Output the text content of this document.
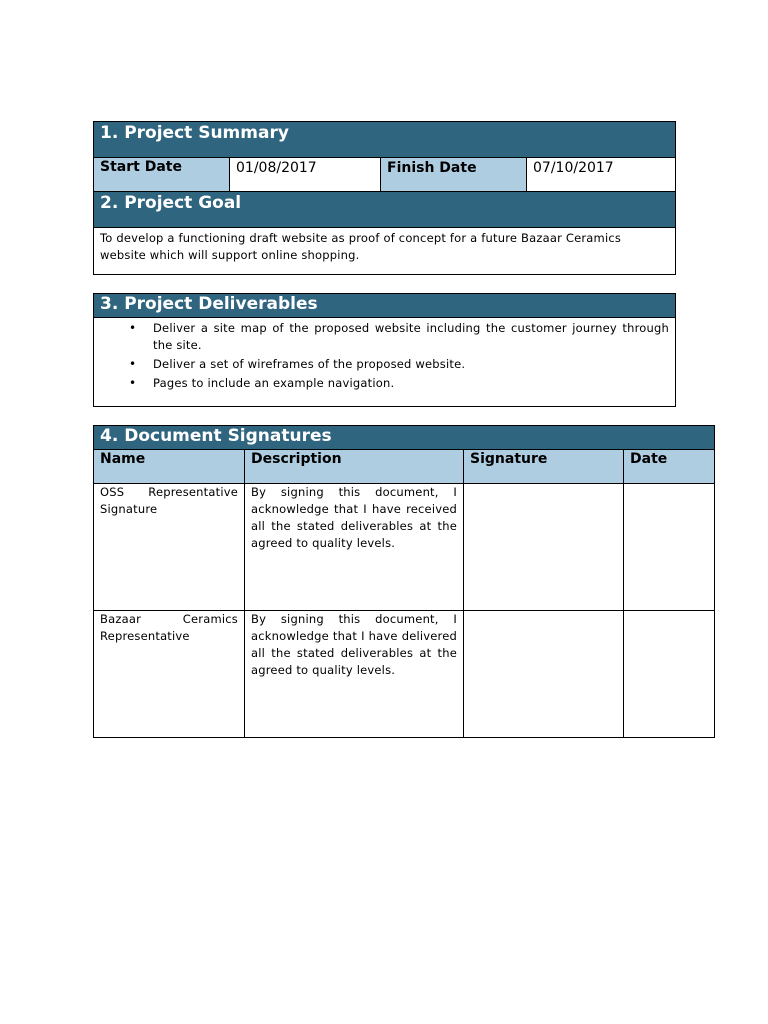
1. Project Summary
Start Date	01/08/2017	Finish Date	07/10/2017
2. Project Goal
To develop a functioning draft website as proof of concept for a future Bazaar Ceramics website which will support online shopping.
3. Project Deliverables

• Deliver a site map of the proposed website including the customer journey through the site.
• Deliver a set of wireframes of the proposed website.
• Pages to include an example navigation.
4. Document Signatures			
Name	Description	Signature	Date
OSS Representative Signature	By signing this document, I acknowledge that I have received all the stated deliverables at the agreed to quality levels.		
Bazaar Ceramics Representative	By signing this document, I acknowledge that I have delivered all the stated deliverables at the agreed to quality levels.		
